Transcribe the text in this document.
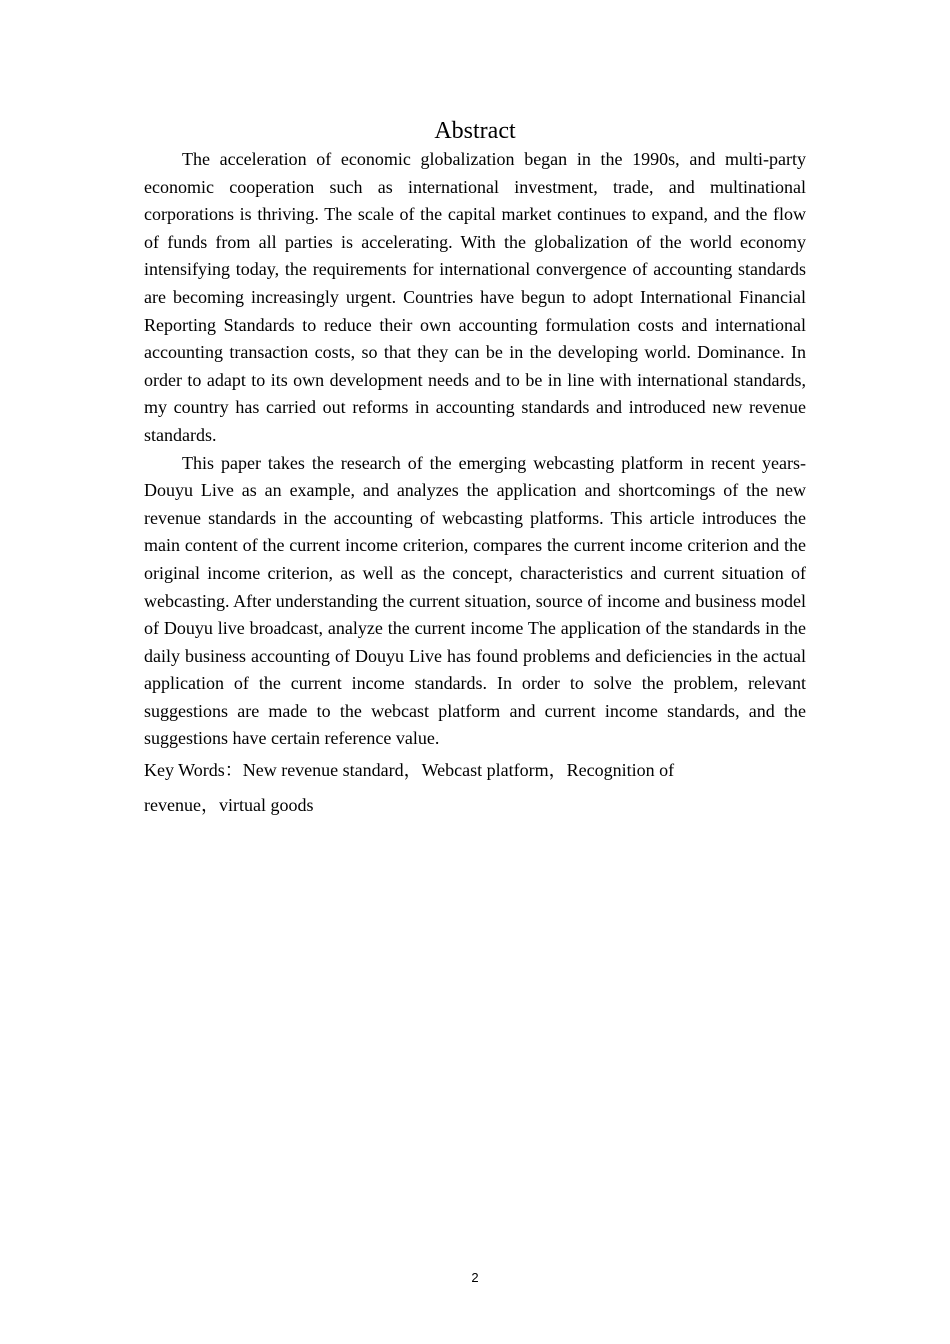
Abstract

The acceleration of economic globalization began in the 1990s, and multi-party economic cooperation such as international investment, trade, and multinational corporations is thriving. The scale of the capital market continues to expand, and the flow of funds from all parties is accelerating. With the globalization of the world economy intensifying today, the requirements for international convergence of accounting standards are becoming increasingly urgent. Countries have begun to adopt International Financial Reporting Standards to reduce their own accounting formulation costs and international accounting transaction costs, so that they can be in the developing world. Dominance. In order to adapt to its own development needs and to be in line with international standards, my country has carried out reforms in accounting standards and introduced new revenue standards.

This paper takes the research of the emerging webcasting platform in recent years-Douyu Live as an example, and analyzes the application and shortcomings of the new revenue standards in the accounting of webcasting platforms. This article introduces the main content of the current income criterion, compares the current income criterion and the original income criterion, as well as the concept, characteristics and current situation of webcasting. After understanding the current situation, source of income and business model of Douyu live broadcast, analyze the current income The application of the standards in the daily business accounting of Douyu Live has found problems and deficiencies in the actual application of the current income standards. In order to solve the problem, relevant suggestions are made to the webcast platform and current income standards, and the suggestions have certain reference value.

Key Words：New revenue standard，Webcast platform，Recognition of revenue，virtual goods

2
